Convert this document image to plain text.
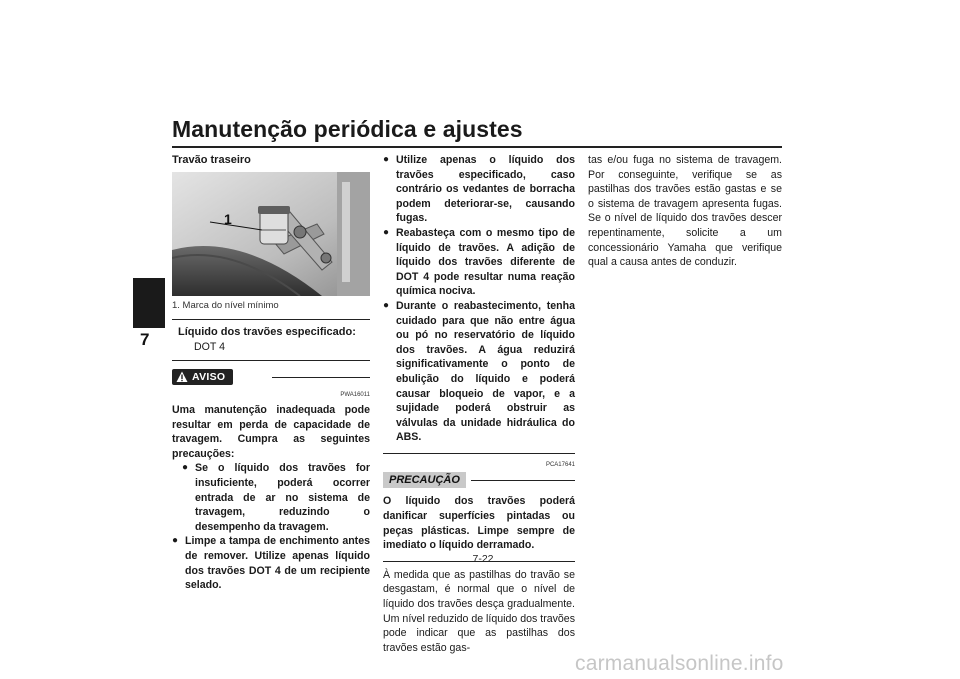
Manutenção periódica e ajustes
7
Travão traseiro
1
1. Marca do nível mínimo
Líquido dos travões especificado:
DOT 4
AVISO
PWA16011

Uma manutenção inadequada pode resultar em perda de capacidade de travagem. Cumpra as seguintes precauções:

● Se o líquido dos travões for insuficiente, poderá ocorrer entrada de ar no sistema de travagem, reduzindo o desempenho da travagem.
● Limpe a tampa de enchimento antes de remover. Utilize apenas líquido dos travões DOT 4 de um recipiente selado.
● Utilize apenas o líquido dos travões especificado, caso contrário os vedantes de borracha podem deteriorar-se, causando fugas.
● Reabasteça com o mesmo tipo de líquido de travões. A adição de líquido dos travões diferente de DOT 4 pode resultar numa reação química nociva.
● Durante o reabastecimento, tenha cuidado para que não entre água ou pó no reservatório de líquido dos travões. A água reduzirá significativamente o ponto de ebulição do líquido e poderá causar bloqueio de vapor, e a sujidade poderá obstruir as válvulas da unidade hidráulica do ABS.
PCA17641
PRECAUÇÃO

O líquido dos travões poderá danificar superfícies pintadas ou peças plásticas. Limpe sempre de imediato o líquido derramado.

À medida que as pastilhas do travão se desgastam, é normal que o nível de líquido dos travões desça gradualmente. Um nível reduzido de líquido dos travões pode indicar que as pastilhas dos travões estão gas-

tas e/ou fuga no sistema de travagem. Por conseguinte, verifique se as pastilhas dos travões estão gastas e se o sistema de travagem apresenta fugas. Se o nível de líquido dos travões descer repentinamente, solicite a um concessionário Yamaha que verifique qual a causa antes de conduzir.

7-22
carmanualsonline.info
